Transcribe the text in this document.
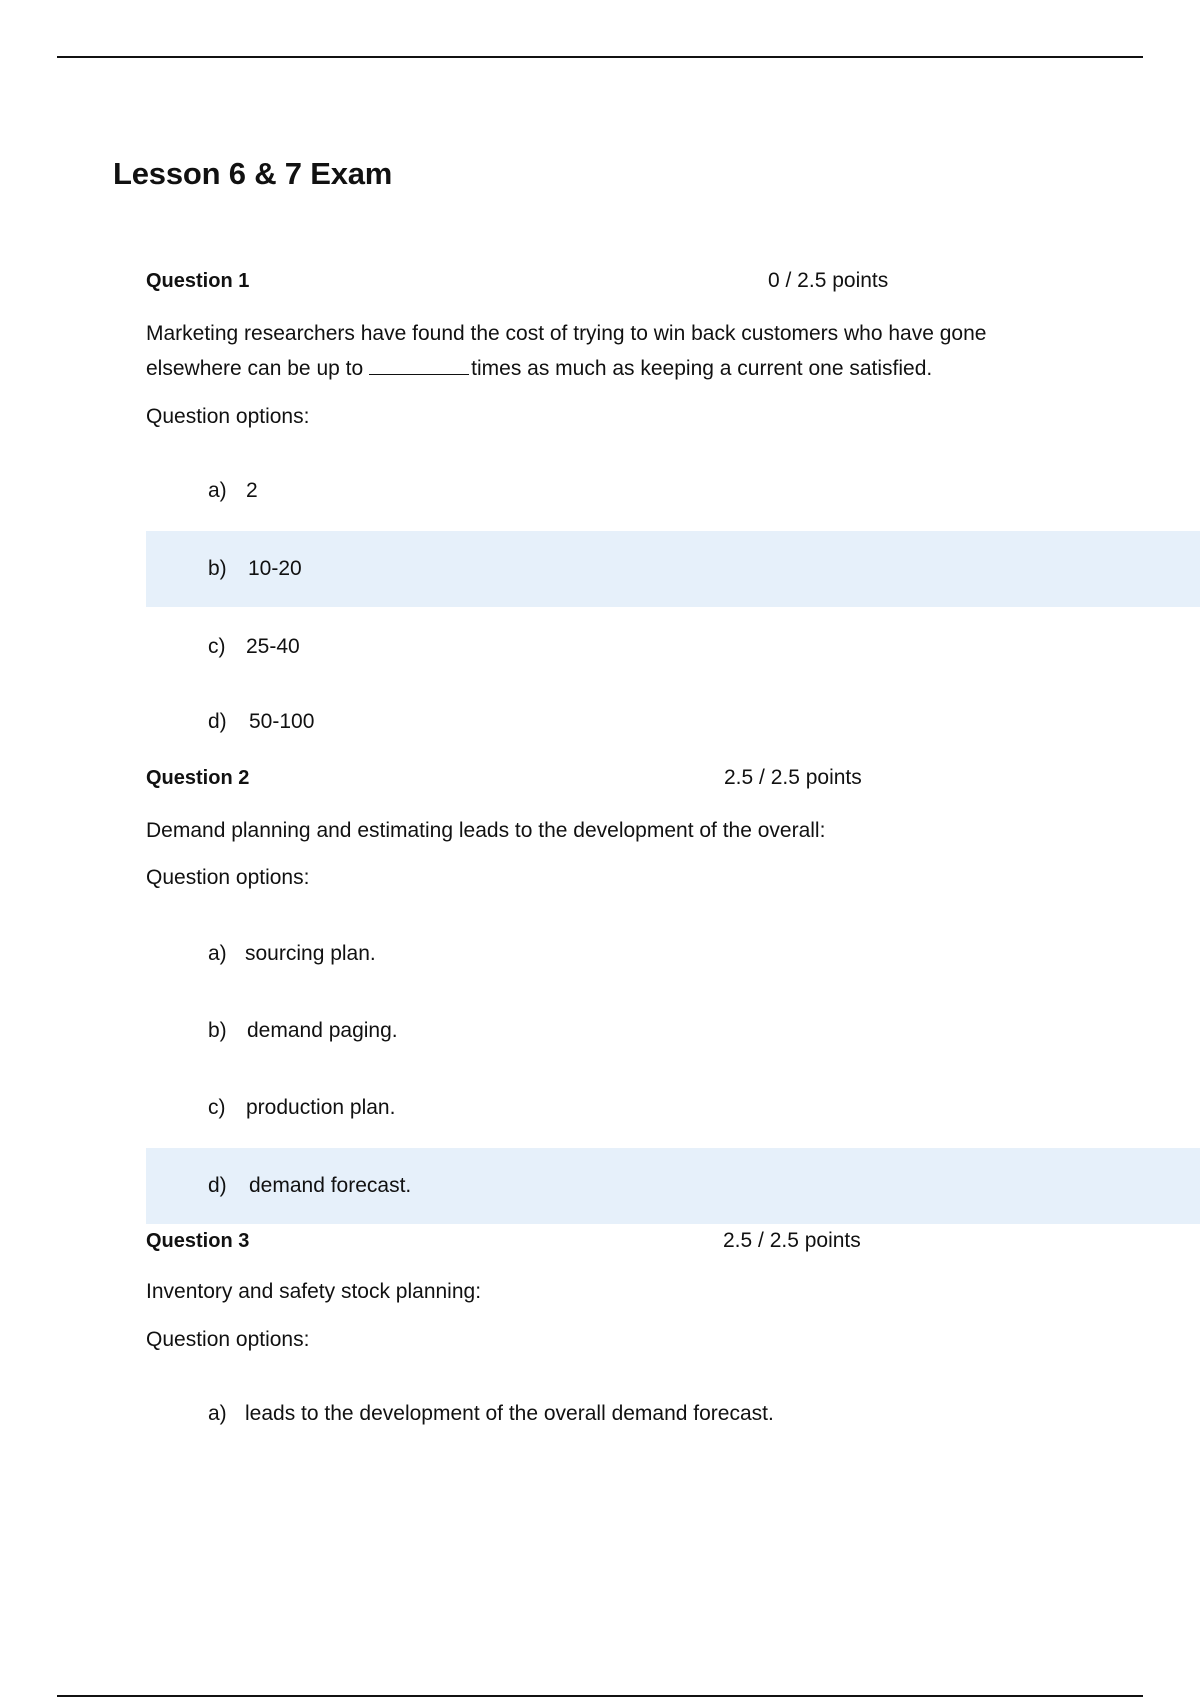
Lesson 6 & 7 Exam
Question 1	0 / 2.5 points
Marketing researchers have found the cost of trying to win back customers who have gone elsewhere can be up to	times as much as keeping a current one satisfied.
Question options:
a) 2
b) 10-20
c) 25-40
d) 50-100
Question 2	2.5 / 2.5 points
Demand planning and estimating leads to the development of the overall:
Question options:
a) sourcing plan.
b) demand paging.
c) production plan.
d) demand forecast.
Question 3	2.5 / 2.5 points
Inventory and safety stock planning:
Question options:
a) leads to the development of the overall demand forecast.
